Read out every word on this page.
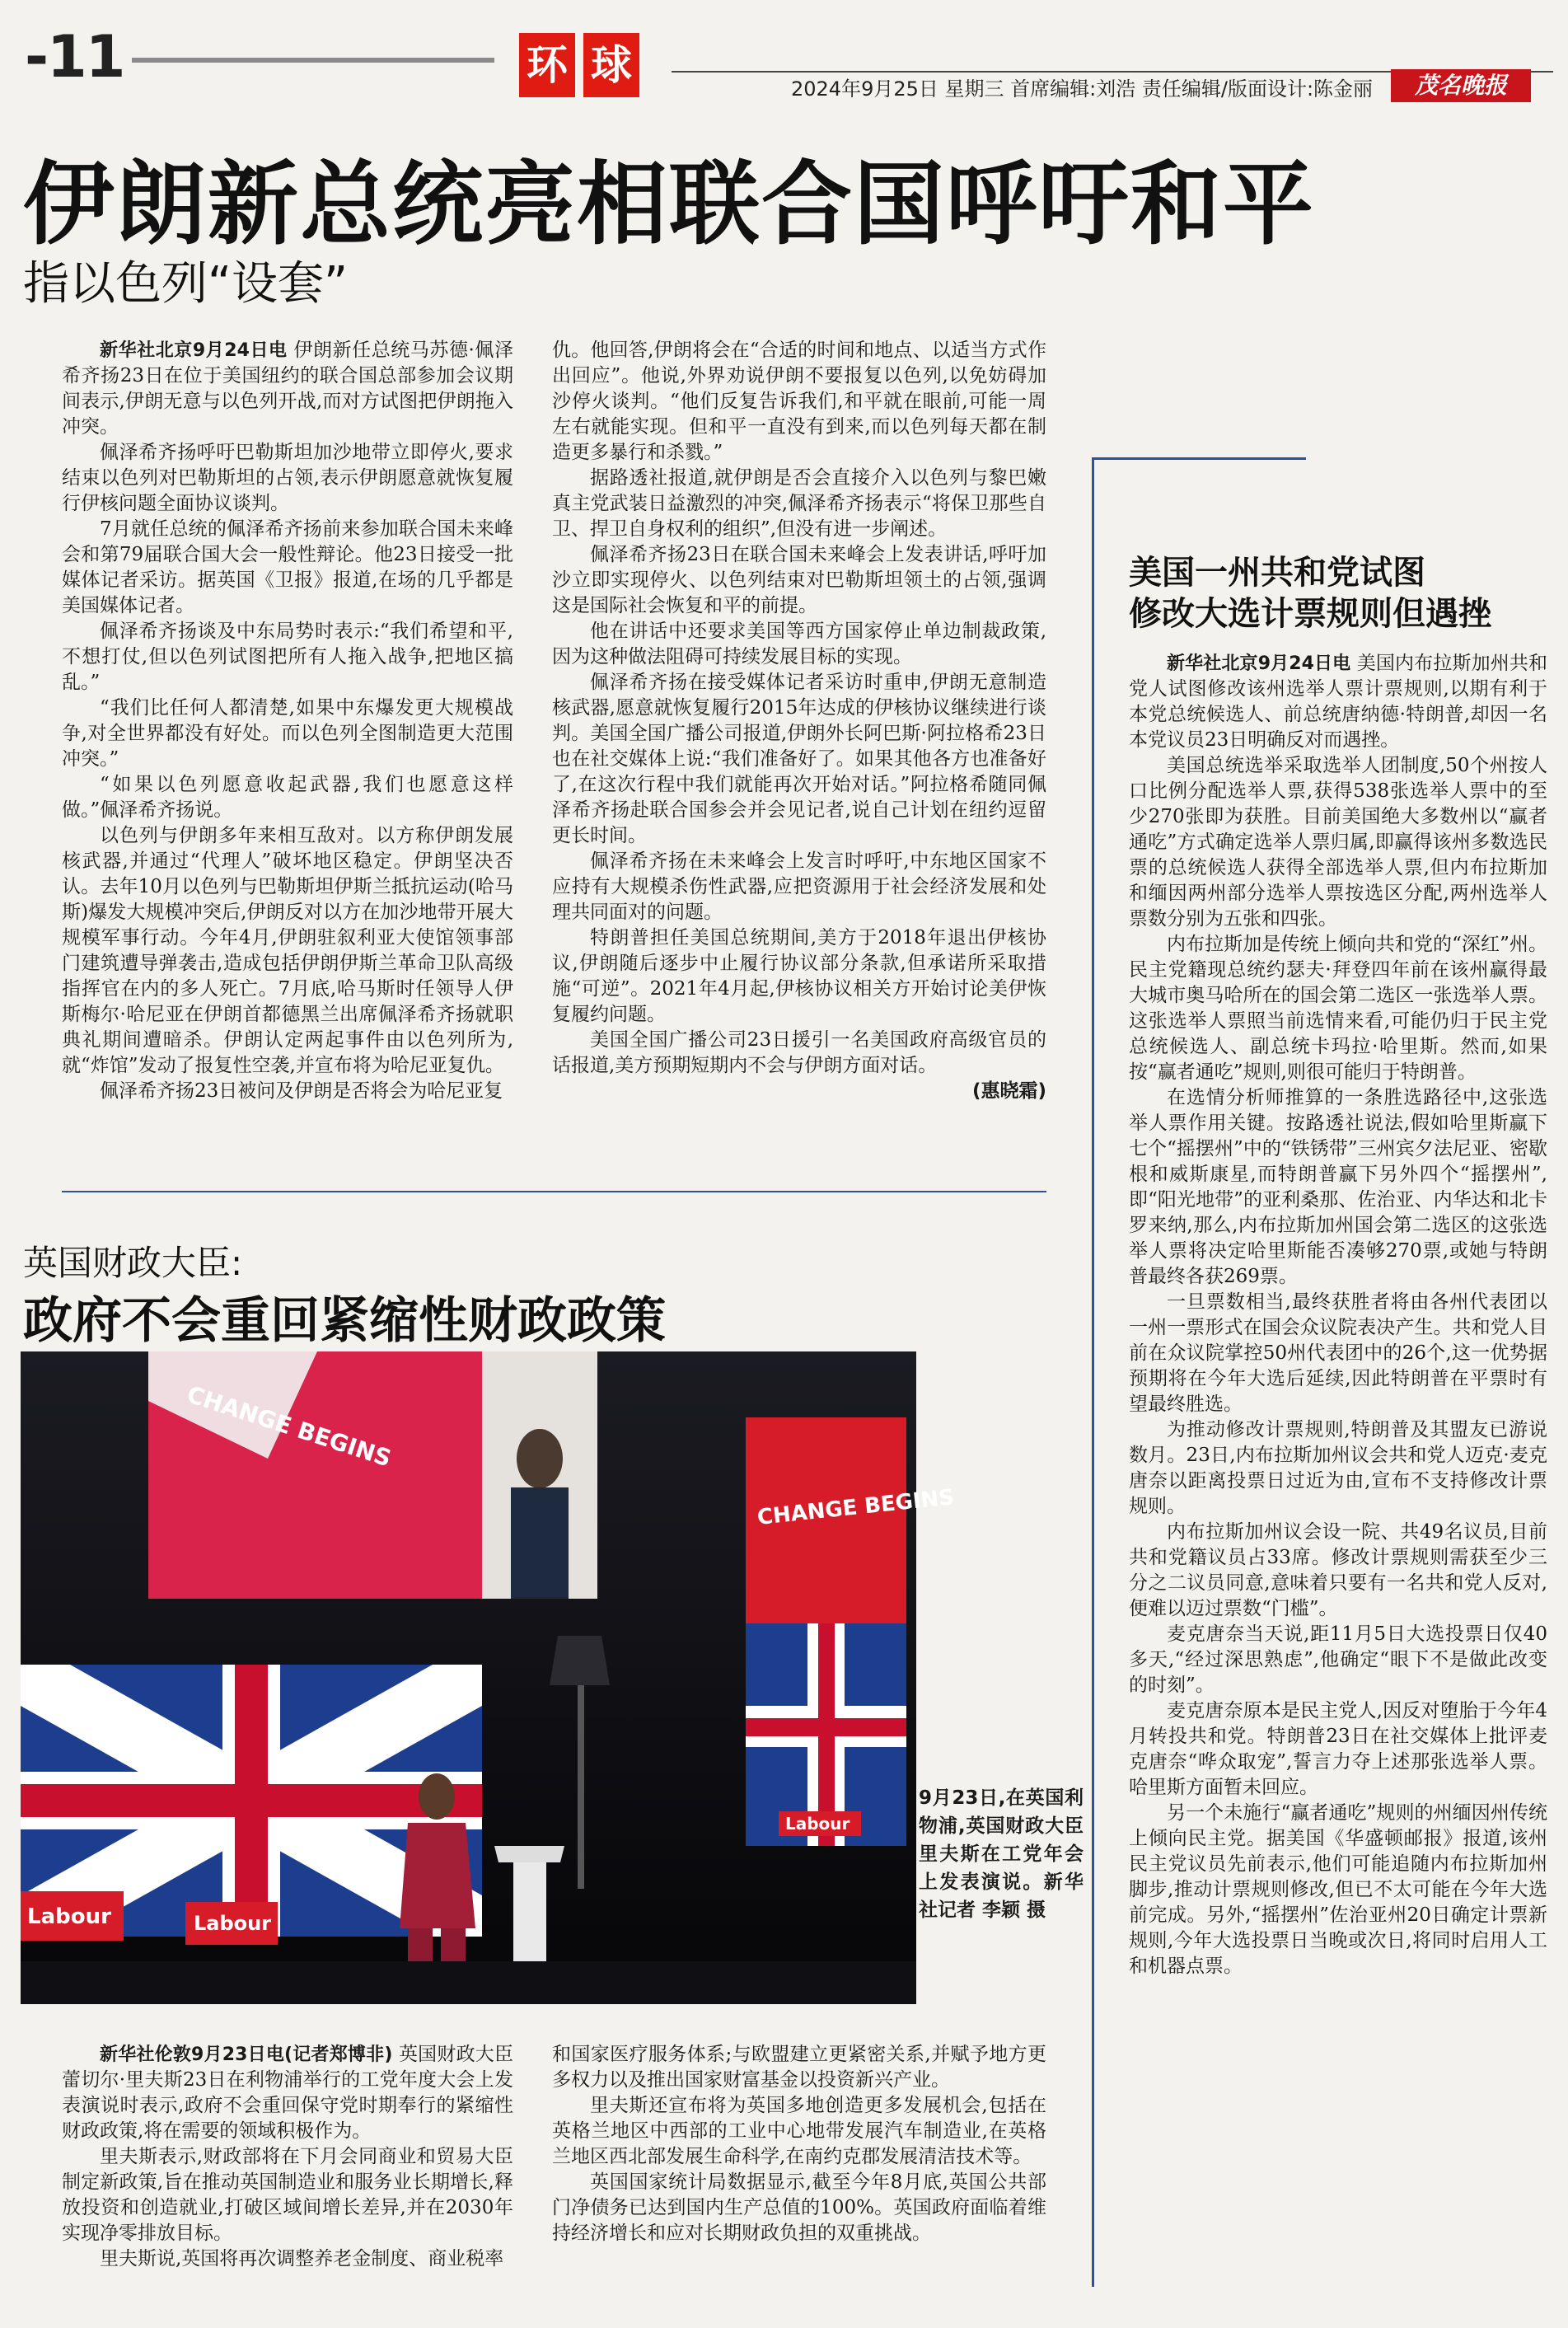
-11	环 球	2024年9月25日 星期三 首席编辑:刘浩 责任编辑/版面设计:陈金丽	茂名晚报
伊朗新总统亮相联合国呼吁和平
指以色列“设套”

新华社北京9月24日电 伊朗新任总统马苏德·佩泽希齐扬23日在位于美国纽约的联合国总部参加会议期间表示,伊朗无意与以色列开战,而对方试图把伊朗拖入冲突。

佩泽希齐扬呼吁巴勒斯坦加沙地带立即停火,要求结束以色列对巴勒斯坦的占领,表示伊朗愿意就恢复履行伊核问题全面协议谈判。

7月就任总统的佩泽希齐扬前来参加联合国未来峰会和第79届联合国大会一般性辩论。他23日接受一批媒体记者采访。据英国《卫报》报道,在场的几乎都是美国媒体记者。

佩泽希齐扬谈及中东局势时表示:“我们希望和平,不想打仗,但以色列试图把所有人拖入战争,把地区搞乱。”

“我们比任何人都清楚,如果中东爆发更大规模战争,对全世界都没有好处。而以色列全图制造更大范围冲突。”

“如果以色列愿意收起武器,我们也愿意这样做。”佩泽希齐扬说。

以色列与伊朗多年来相互敌对。以方称伊朗发展核武器,并通过“代理人”破坏地区稳定。伊朗坚决否认。去年10月以色列与巴勒斯坦伊斯兰抵抗运动(哈马斯)爆发大规模冲突后,伊朗反对以方在加沙地带开展大规模军事行动。今年4月,伊朗驻叙利亚大使馆领事部门建筑遭导弹袭击,造成包括伊朗伊斯兰革命卫队高级指挥官在内的多人死亡。7月底,哈马斯时任领导人伊斯梅尔·哈尼亚在伊朗首都德黑兰出席佩泽希齐扬就职典礼期间遭暗杀。伊朗认定两起事件由以色列所为,就“炸馆”发动了报复性空袭,并宣布将为哈尼亚复仇。

佩泽希齐扬23日被问及伊朗是否将会为哈尼亚复

仇。他回答,伊朗将会在“合适的时间和地点、以适当方式作出回应”。他说,外界劝说伊朗不要报复以色列,以免妨碍加沙停火谈判。“他们反复告诉我们,和平就在眼前,可能一周左右就能实现。但和平一直没有到来,而以色列每天都在制造更多暴行和杀戮。”

据路透社报道,就伊朗是否会直接介入以色列与黎巴嫩真主党武装日益激烈的冲突,佩泽希齐扬表示“将保卫那些自卫、捍卫自身权利的组织”,但没有进一步阐述。

佩泽希齐扬23日在联合国未来峰会上发表讲话,呼吁加沙立即实现停火、以色列结束对巴勒斯坦领土的占领,强调这是国际社会恢复和平的前提。

他在讲话中还要求美国等西方国家停止单边制裁政策,因为这种做法阻碍可持续发展目标的实现。

佩泽希齐扬在接受媒体记者采访时重申,伊朗无意制造核武器,愿意就恢复履行2015年达成的伊核协议继续进行谈判。美国全国广播公司报道,伊朗外长阿巴斯·阿拉格希23日也在社交媒体上说:“我们准备好了。如果其他各方也准备好了,在这次行程中我们就能再次开始对话。”阿拉格希随同佩泽希齐扬赴联合国参会并会见记者,说自己计划在纽约逗留更长时间。

佩泽希齐扬在未来峰会上发言时呼吁,中东地区国家不应持有大规模杀伤性武器,应把资源用于社会经济发展和处理共同面对的问题。

特朗普担任美国总统期间,美方于2018年退出伊核协议,伊朗随后逐步中止履行协议部分条款,但承诺所采取措施“可逆”。2021年4月起,伊核协议相关方开始讨论美伊恢复履约问题。

美国全国广播公司23日援引一名美国政府高级官员的话报道,美方预期短期内不会与伊朗方面对话。

(惠晓霜)
英国财政大臣:
政府不会重回紧缩性财政政策
CHANGE BEGINS
CHANGE BEGINS
Labour
Labour	Labour
9月23日,在英国利物浦,英国财政大臣里夫斯在工党年会上发表演说。新华社记者 李颖 摄

新华社伦敦9月23日电(记者郑博非) 英国财政大臣蕾切尔·里夫斯23日在利物浦举行的工党年度大会上发表演说时表示,政府不会重回保守党时期奉行的紧缩性财政政策,将在需要的领域积极作为。

里夫斯表示,财政部将在下月会同商业和贸易大臣制定新政策,旨在推动英国制造业和服务业长期增长,释放投资和创造就业,打破区域间增长差异,并在2030年实现净零排放目标。

里夫斯说,英国将再次调整养老金制度、商业税率

和国家医疗服务体系;与欧盟建立更紧密关系,并赋予地方更多权力以及推出国家财富基金以投资新兴产业。

里夫斯还宣布将为英国多地创造更多发展机会,包括在英格兰地区中西部的工业中心地带发展汽车制造业,在英格兰地区西北部发展生命科学,在南约克郡发展清洁技术等。

英国国家统计局数据显示,截至今年8月底,英国公共部门净债务已达到国内生产总值的100%。英国政府面临着维持经济增长和应对长期财政负担的双重挑战。

美国一州共和党试图
修改大选计票规则但遇挫

新华社北京9月24日电 美国内布拉斯加州共和党人试图修改该州选举人票计票规则,以期有利于本党总统候选人、前总统唐纳德·特朗普,却因一名本党议员23日明确反对而遇挫。

美国总统选举采取选举人团制度,50个州按人口比例分配选举人票,获得538张选举人票中的至少270张即为获胜。目前美国绝大多数州以“赢者通吃”方式确定选举人票归属,即赢得该州多数选民票的总统候选人获得全部选举人票,但内布拉斯加和缅因两州部分选举人票按选区分配,两州选举人票数分别为五张和四张。

内布拉斯加是传统上倾向共和党的“深红”州。民主党籍现总统约瑟夫·拜登四年前在该州赢得最大城市奥马哈所在的国会第二选区一张选举人票。这张选举人票照当前选情来看,可能仍归于民主党总统候选人、副总统卡玛拉·哈里斯。然而,如果按“赢者通吃”规则,则很可能归于特朗普。

在选情分析师推算的一条胜选路径中,这张选举人票作用关键。按路透社说法,假如哈里斯赢下七个“摇摆州”中的“铁锈带”三州宾夕法尼亚、密歇根和威斯康星,而特朗普赢下另外四个“摇摆州”,即“阳光地带”的亚利桑那、佐治亚、内华达和北卡罗来纳,那么,内布拉斯加州国会第二选区的这张选举人票将决定哈里斯能否凑够270票,或她与特朗普最终各获269票。

一旦票数相当,最终获胜者将由各州代表团以一州一票形式在国会众议院表决产生。共和党人目前在众议院掌控50州代表团中的26个,这一优势据预期将在今年大选后延续,因此特朗普在平票时有望最终胜选。

为推动修改计票规则,特朗普及其盟友已游说数月。23日,内布拉斯加州议会共和党人迈克·麦克唐奈以距离投票日过近为由,宣布不支持修改计票规则。

内布拉斯加州议会设一院、共49名议员,目前共和党籍议员占33席。修改计票规则需获至少三分之二议员同意,意味着只要有一名共和党人反对,便难以迈过票数“门槛”。

麦克唐奈当天说,距11月5日大选投票日仅40多天,“经过深思熟虑”,他确定“眼下不是做此改变的时刻”。

麦克唐奈原本是民主党人,因反对堕胎于今年4月转投共和党。特朗普23日在社交媒体上批评麦克唐奈“哗众取宠”,誓言力夺上述那张选举人票。哈里斯方面暂未回应。

另一个未施行“赢者通吃”规则的州缅因州传统上倾向民主党。据美国《华盛顿邮报》报道,该州民主党议员先前表示,他们可能追随内布拉斯加州脚步,推动计票规则修改,但已不太可能在今年大选前完成。另外,“摇摆州”佐治亚州20日确定计票新规则,今年大选投票日当晚或次日,将同时启用人工和机器点票。
